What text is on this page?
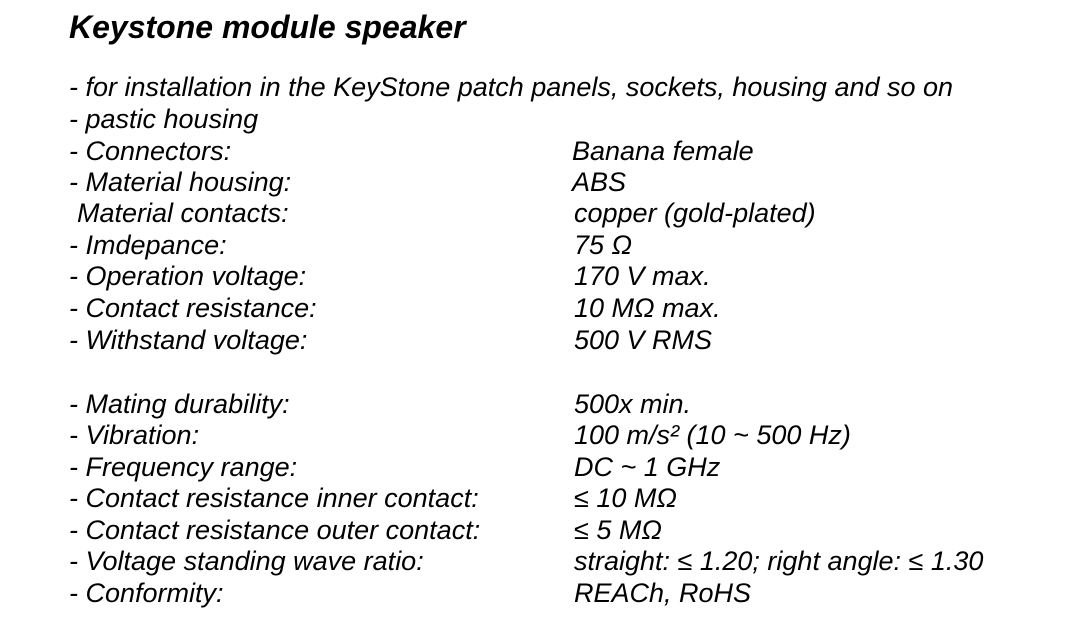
Keystone module speaker
- for installation in the KeyStone patch panels, sockets, housing and so on
- pastic housing
- Connectors:	Banana female
- Material housing:	ABS
Material contacts:	copper (gold-plated)
- Imdepance:	75 Ω
- Operation voltage:	170 V max.
- Contact resistance:	10 MΩ max.
- Withstand voltage:	500 V RMS
- Mating durability:	500x min.
- Vibration:	100 m/s² (10 ~ 500 Hz)
- Frequency range:	DC ~ 1 GHz
- Contact resistance inner contact:	≤ 10 MΩ
- Contact resistance outer contact:	≤ 5 MΩ
- Voltage standing wave ratio:	straight: ≤ 1.20; right angle: ≤ 1.30
- Conformity:	REACh, RoHS
